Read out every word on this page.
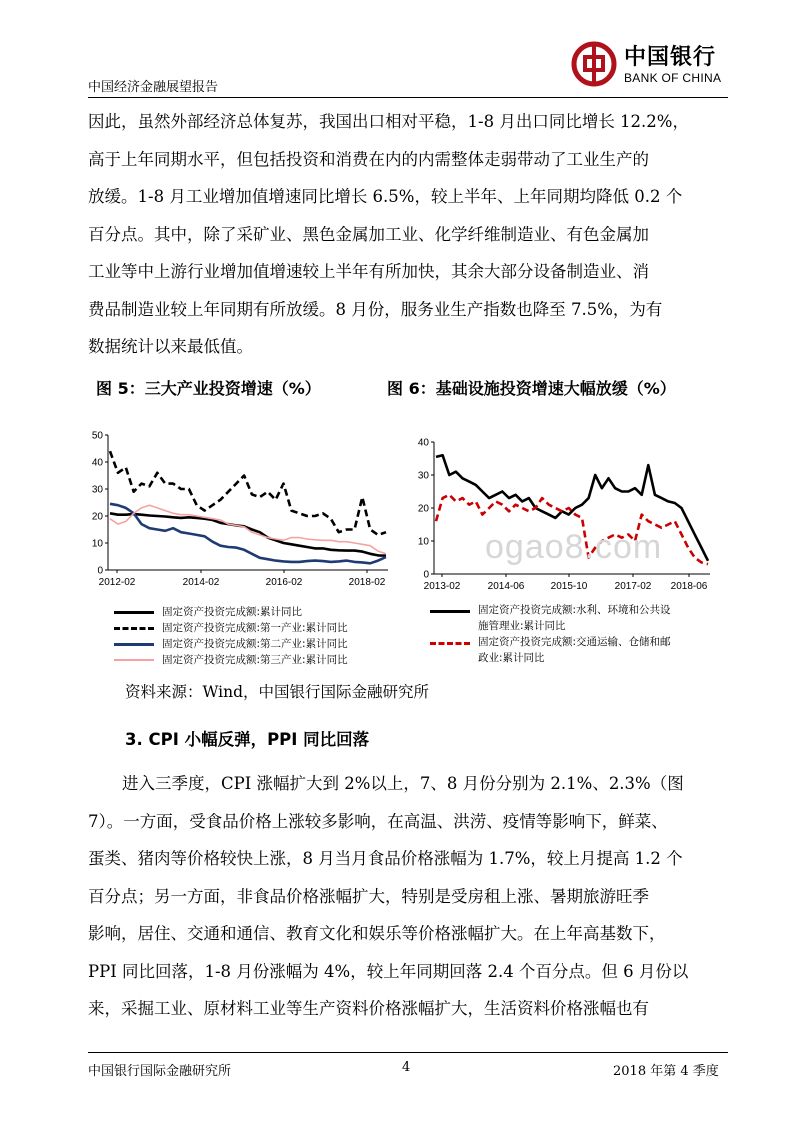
中国银行
BANK OF CHINA
中国经济金融展望报告
因此，虽然外部经济总体复苏，我国出口相对平稳，1-8 月出口同比增长 12.2%，
高于上年同期水平，但包括投资和消费在内的内需整体走弱带动了工业生产的
放缓。1-8 月工业增加值增速同比增长 6.5%，较上半年、上年同期均降低 0.2 个
百分点。其中，除了采矿业、黑色金属加工业、化学纤维制造业、有色金属加
工业等中上游行业增加值增速较上半年有所加快，其余大部分设备制造业、消
费品制造业较上年同期有所放缓。8 月份，服务业生产指数也降至 7.5%，为有
数据统计以来最低值。
图 5：三大产业投资增速（%）	图 6：基础设施投资增速大幅放缓（%）
0
10
20
30
40
50
2012-02	2014-02	2016-02	2018-02
0
10
20
30
40
2013-02	2014-06	2015-10	2017-02 2018-06
ogao8.com
固定资产投资完成额:累计同比
固定资产投资完成额:第一产业:累计同比
固定资产投资完成额:第二产业:累计同比
固定资产投资完成额:第三产业:累计同比
固定资产投资完成额:水利、环境和公共设
施管理业:累计同比
固定资产投资完成额:交通运输、仓储和邮
政业:累计同比
资料来源：Wind，中国银行国际金融研究所
3. CPI 小幅反弹，PPI 同比回落
进入三季度，CPI 涨幅扩大到 2%以上，7、8 月份分别为 2.1%、2.3%（图
7）。一方面，受食品价格上涨较多影响，在高温、洪涝、疫情等影响下，鲜菜、
蛋类、猪肉等价格较快上涨，8 月当月食品价格涨幅为 1.7%，较上月提高 1.2 个
百分点；另一方面，非食品价格涨幅扩大，特别是受房租上涨、暑期旅游旺季
影响，居住、交通和通信、教育文化和娱乐等价格涨幅扩大。在上年高基数下，
PPI 同比回落，1-8 月份涨幅为 4%，较上年同期回落 2.4 个百分点。但 6 月份以
来，采掘工业、原材料工业等生产资料价格涨幅扩大，生活资料价格涨幅也有
中国银行国际金融研究所	4	2018 年第 4 季度
